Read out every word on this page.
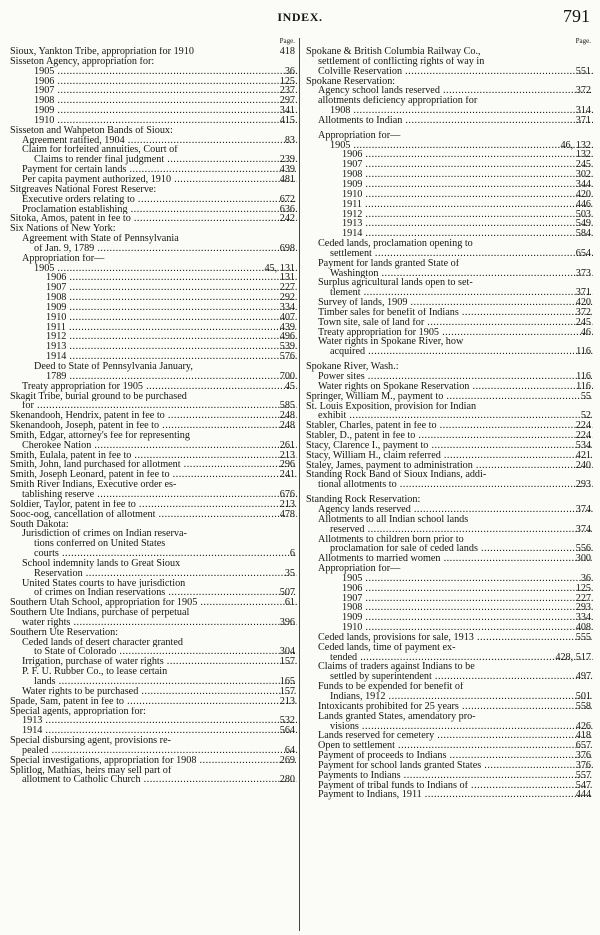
INDEX.	791
Page.
Sioux, Yankton Tribe, appropriation for 1910	418
Sisseton Agency, appropriation for:
1905 .....	36
1906 .....	125
1907 .....	237
1908 .....	297
1909 .....	341
1910 .....	415
Sisseton and Wahpeton Bands of Sioux:
Agreement ratified, 1904 .....	83
Claim for forfeited annuities, Court of
Claims to render final judgment .....	239
Payment for certain lands .....	439
Per capita payment authorized, 1910 .....	481
Sitgreaves National Forest Reserve:
Executive orders relating to .....	672
Proclamation establishing .....	636
Sitoka, Amos, patent in fee to .....	242
Six Nations of New York:
Agreement with State of Pennsylvania
of Jan. 9, 1789 .....	698
Appropriation for—
1905 .....	45, 131
1906 .....	131
1907 .....	227
1908 .....	292
1909 .....	334
1910 .....	407
1911 .....	439
1912 .....	496
1913 .....	539
1914 .....	576
Deed to State of Pennsylvania January,
1789 .....	700
Treaty appropriation for 1905 .....	45
Skagit Tribe, burial ground to be purchased
for .....	585
Skenandooh, Hendrix, patent in fee to .....	248
Skenandooh, Joseph, patent in fee to .....	248
Smith, Edgar, attorney's fee for representing
Cherokee Nation .....	261
Smith, Eulala, patent in fee to .....	213
Smith, John, land purchased for allotment .....	296
Smith, Joseph Leonard, patent in fee to .....	241
Smith River Indians, Executive order es-
tablishing reserve .....	676
Soldier, Taylor, patent in fee to .....	213
Sooc-oog, cancellation of allotment .....	478
South Dakota:
Jurisdiction of crimes on Indian reserva-
tions conferred on United States
courts .....	6
School indemnity lands to Great Sioux
Reservation .....	35
United States courts to have jurisdiction
of crimes on Indian reservations .....	507
Southern Utah School, appropriation for 1905 .....	61
Southern Ute Indians, purchase of perpetual
water rights .....	396
Southern Ute Reservation:
Ceded lands of desert character granted
to State of Colorado .....	304
Irrigation, purchase of water rights .....	157
P. F. U. Rubber Co., to lease certain
lands .....	165
Water rights to be purchased .....	157
Spade, Sam, patent in fee to .....	213
Special agents, appropriation for:
1913 .....	532
1914 .....	564
Special disbursing agent, provisions re-
pealed .....	64
Special investigations, appropriation for 1908 .....	269
Splitlog, Mathias, heirs may sell part of
allotment to Catholic Church .....	280
Page.
Spokane & British Columbia Railway Co.,
settlement of conflicting rights of way in
Colville Reservation .....	551
Spokane Reservation:
Agency school lands reserved .....	372
allotments deficiency appropriation for
1908 .....	314
Allotments to Indian .....	371
Appropriation for—
1905 .....	46, 132
1906 .....	132
1907 .....	245
1908 .....	302
1909 .....	344
1910 .....	420
1911 .....	446
1912 .....	503
1913 .....	549
1914 .....	584
Ceded lands, proclamation opening to
settlement .....	654
Payment for lands granted State of
Washington .....	373
Surplus agricultural lands open to set-
tlement .....	371
Survey of lands, 1909 .....	420
Timber sales for benefit of Indians .....	372
Town site, sale of land for .....	245
Treaty appropriation for 1905 .....	46
Water rights in Spokane River, how
acquired .....	116
Spokane River, Wash.:
Power sites .....	116
Water rights on Spokane Reservation .....	116
Springer, William M., payment to .....	55
St. Louis Exposition, provision for Indian
exhibit .....	52
Stabler, Charles, patent in fee to .....	224
Stabler, D., patent in fee to .....	224
Stacy, Clarence I., payment to .....	534
Stacy, William H., claim referred .....	421
Staley, James, payment to administration .....	240
Standing Rock Band of Sioux Indians, addi-
tional allotments to .....	293
Standing Rock Reservation:
Agency lands reserved .....	374
Allotments to all Indian school lands
reserved .....	374
Allotments to children born prior to
proclamation for sale of ceded lands .....	556
Allotments to married women .....	300
Appropriation for—
1905 .....	36
1906 .....	125
1907 .....	227
1908 .....	293
1909 .....	334
1910 .....	408
Ceded lands, provisions for sale, 1913 .....	555
Ceded lands, time of payment ex-
tended .....	428, 517
Claims of traders against Indians to be
settled by superintendent .....	497
Funds to be expended for benefit of
Indians, 1912 .....	501
Intoxicants prohibited for 25 years .....	558
Lands granted States, amendatory pro-
visions .....	426
Lands reserved for cemetery .....	418
Open to settlement .....	657
Payment of proceeds to Indians .....	376
Payment for school lands granted States .....	376
Payments to Indians .....	557
Payment of tribal funds to Indians of .....	547
Payment to Indians, 1911 .....	444
